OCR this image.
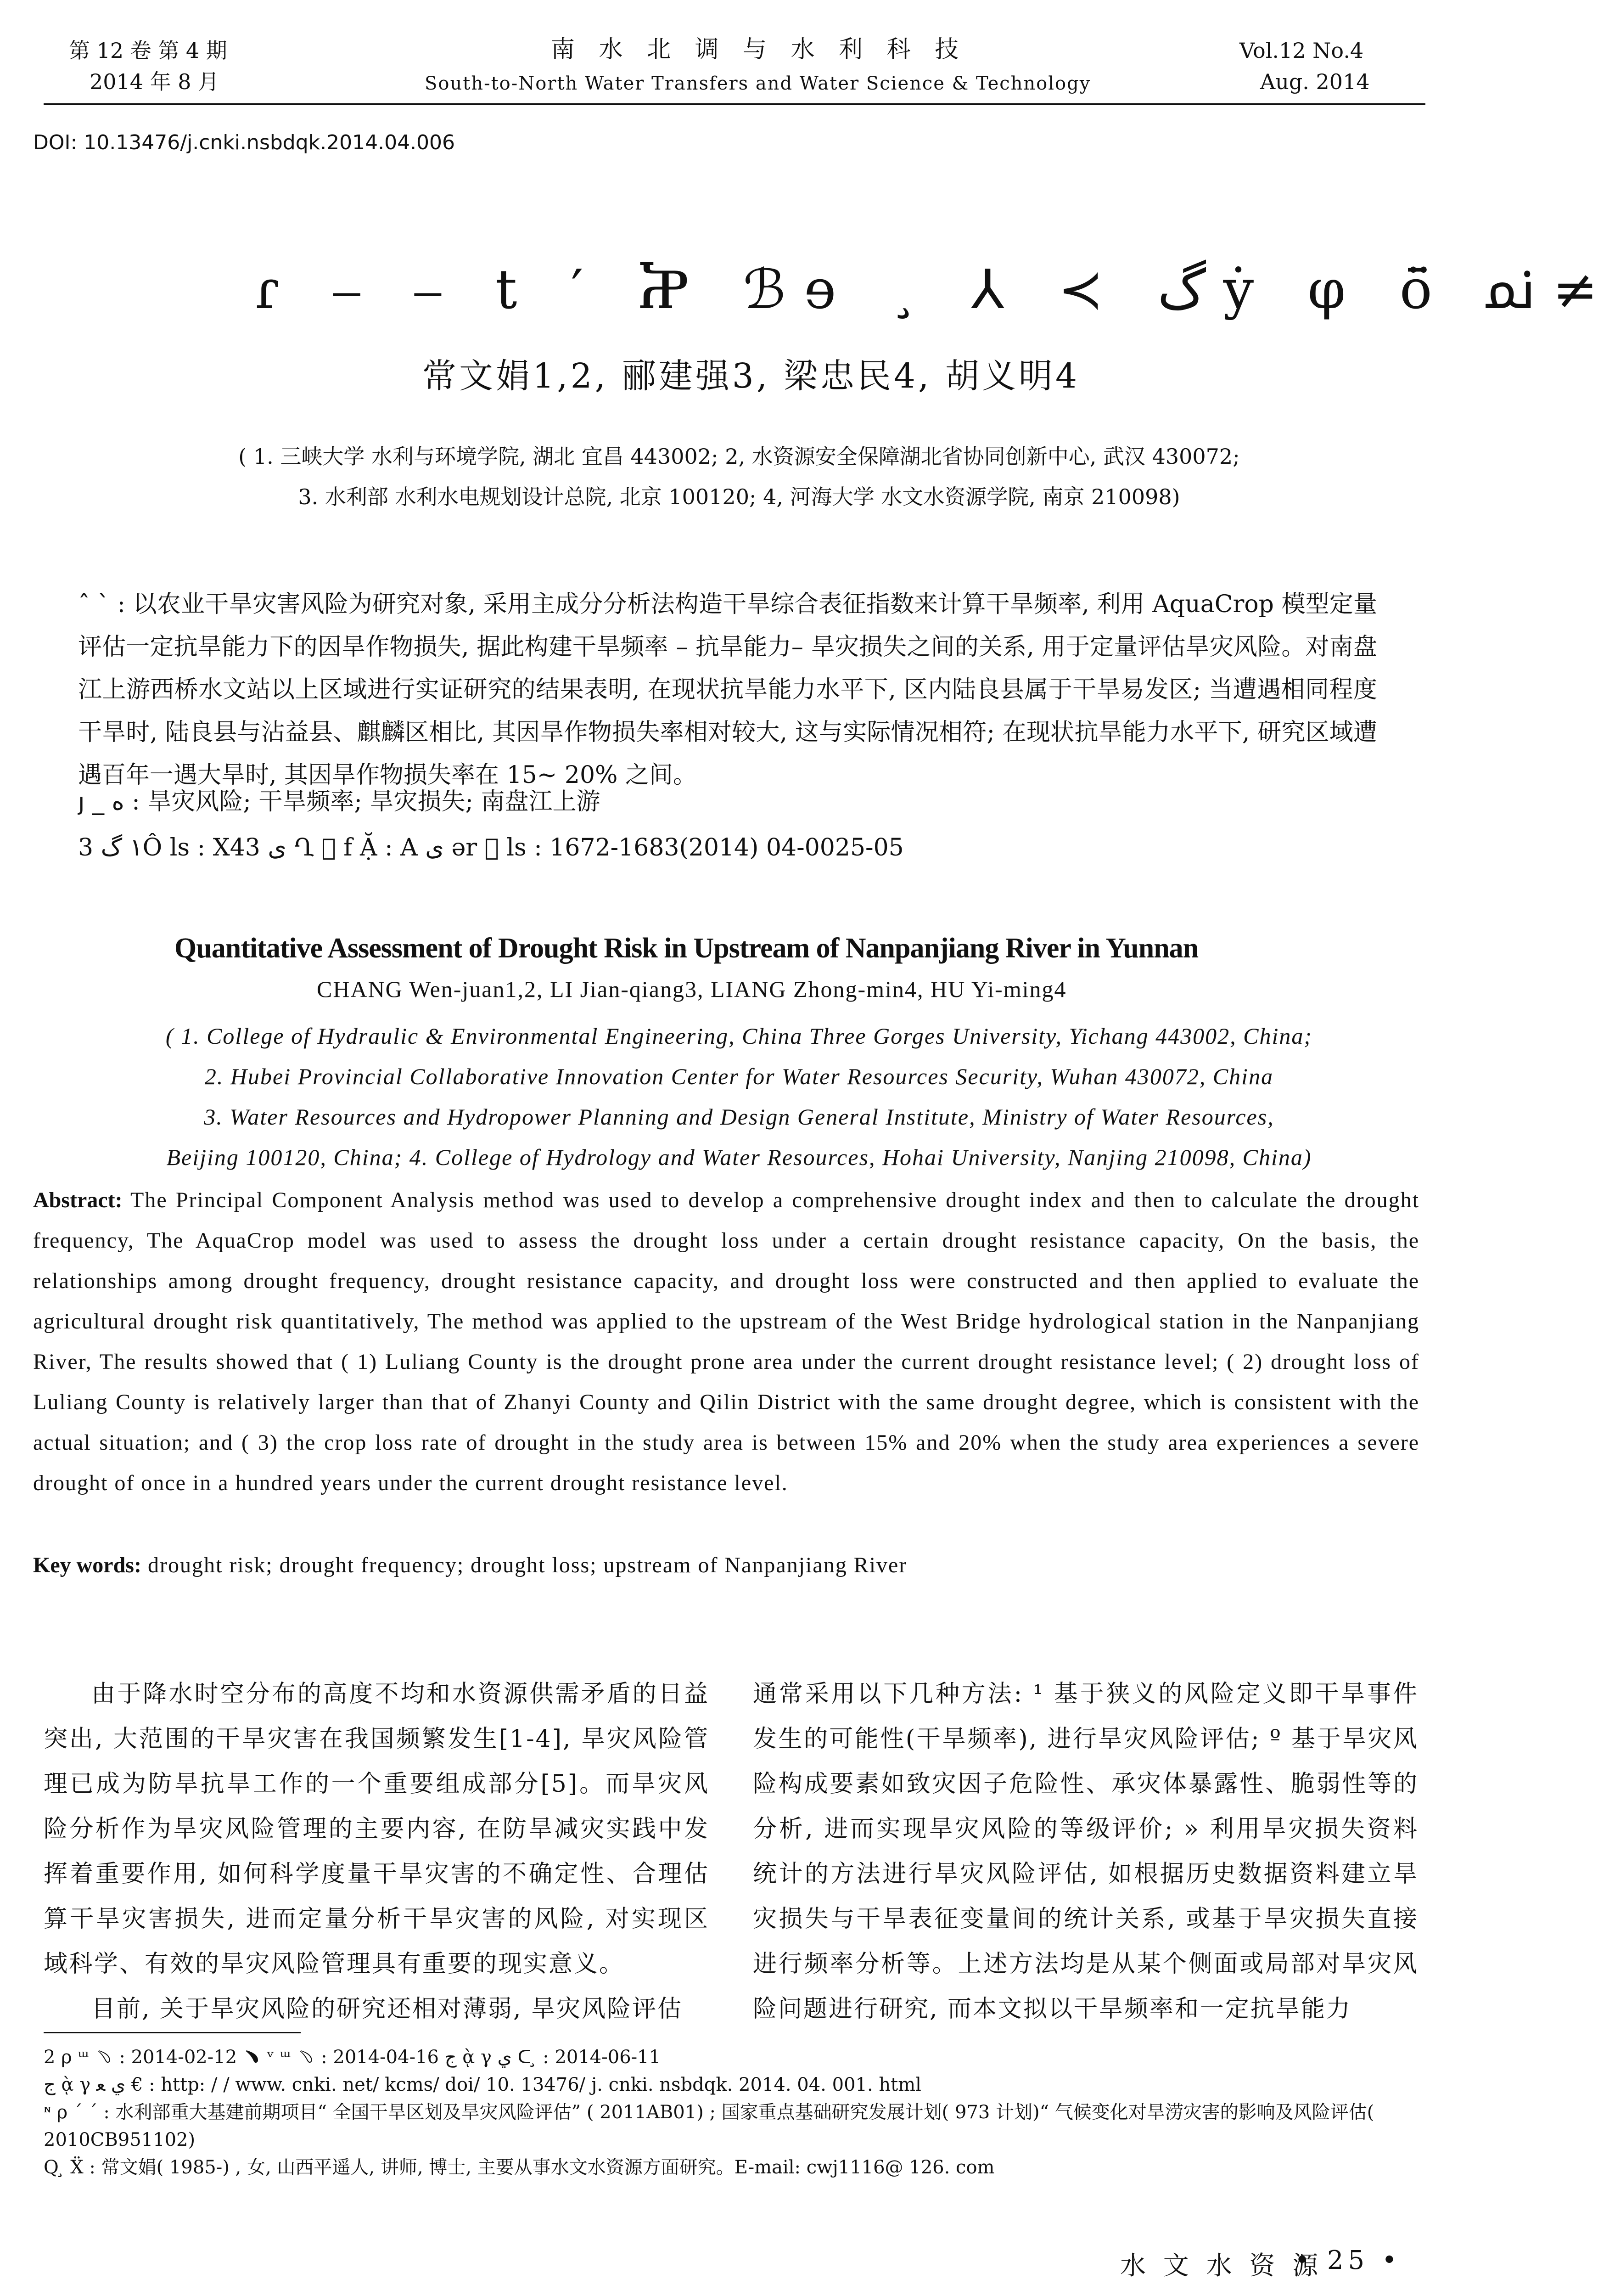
第 12 卷 第 4 期
2014 年 8 月
南 水 北 调 与 水 利 科 技
South-to-North Water Transfers and Water Science & Technology
Vol.12 No.4
Aug. 2014
DOI: 10.13476/j.cnki.nsbdqk.2014.04.006
ɾ ⎯ ⎯ t ′ Ⴟ ℬɘ ¸ ⅄ ≺ گ ẏ φ ō̈ ﳕ ≠
常文娟1,2, 郦建强3, 梁忠民4, 胡义明4
( 1. 三峡大学 水利与环境学院, 湖北 宜昌 443002; 2, 水资源安全保障湖北省协同创新中心, 武汉 430072;
3. 水利部 水利水电规划设计总院, 北京 100120; 4, 河海大学 水文水资源学院, 南京 210098)
ˆ ˋ : 以农业干旱灾害风险为研究对象, 采用主成分分析法构造干旱综合表征指数来计算干旱频率, 利用 AquaCrop 模型定量评估一定抗旱能力下的因旱作物损失, 据此构建干旱频率 – 抗旱能力– 旱灾损失之间的关系, 用于定量评估旱灾风险。对南盘江上游西桥水文站以上区域进行实证研究的结果表明, 在现状抗旱能力水平下, 区内陆良县属于干旱易发区; 当遭遇相同程度干旱时, 陆良县与沾益县、麒麟区相比, 其因旱作物损失率相对较大, 这与实际情况相符; 在现状抗旱能力水平下, 研究区域遭遇百年一遇大旱时, 其因旱作物损失率在 15~ 20% 之间。
ȷ _ ﻩ : 旱灾风险; 干旱频率; 旱灾损失; 南盘江上游
3 ١ گÔ ls : X43 ى Ղ ⃞ f Ặ : A ى ər ⃞ ls : 1672-1683(2014) 04-0025-05
Quantitative Assessment of Drought Risk in Upstream of Nanpanjiang River in Yunnan
CHANG Wen-juan1,2, LI Jian-qiang3, LIANG Zhong-min4, HU Yi-ming4
( 1. College of Hydraulic & Environmental Engineering, China Three Gorges University, Yichang 443002, China;
2. Hubei Provincial Collaborative Innovation Center for Water Resources Security, Wuhan 430072, China
3. Water Resources and Hydropower Planning and Design General Institute, Ministry of Water Resources,
Beijing 100120, China; 4. College of Hydrology and Water Resources, Hohai University, Nanjing 210098, China)
Abstract: The Principal Component Analysis method was used to develop a comprehensive drought index and then to calculate the drought frequency, The AquaCrop model was used to assess the drought loss under a certain drought resistance capacity, On the basis, the relationships among drought frequency, drought resistance capacity, and drought loss were constructed and then applied to evaluate the agricultural drought risk quantitatively, The method was applied to the upstream of the West Bridge hydrological station in the Nanpanjiang River, The results showed that ( 1) Luliang County is the drought prone area under the current drought resistance level; ( 2) drought loss of Luliang County is relatively larger than that of Zhanyi County and Qilin District with the same drought degree, which is consistent with the actual situation; and ( 3) the crop loss rate of drought in the study area is between 15% and 20% when the study area experiences a severe drought of once in a hundred years under the current drought resistance level.
Key words: drought risk; drought frequency; drought loss; upstream of Nanpanjiang River
由于降水时空分布的高度不均和水资源供需矛盾的日益突出, 大范围的干旱灾害在我国频繁发生[1-4], 旱灾风险管理已成为防旱抗旱工作的一个重要组成部分[5]。而旱灾风险分析作为旱灾风险管理的主要内容, 在防旱减灾实践中发挥着重要作用, 如何科学度量干旱灾害的不确定性、合理估算干旱灾害损失, 进而定量分析干旱灾害的风险, 对实现区域科学、有效的旱灾风险管理具有重要的现实意义。
目前, 关于旱灾风险的研究还相对薄弱, 旱灾风险评估
通常采用以下几种方法: ¹ 基于狭义的风险定义即干旱事件发生的可能性(干旱频率), 进行旱灾风险评估; º 基于旱灾风险构成要素如致灾因子危险性、承灾体暴露性、脆弱性等的分析, 进而实现旱灾风险的等级评价; » 利用旱灾损失资料统计的方法进行旱灾风险评估, 如根据历史数据资料建立旱灾损失与干旱表征变量间的统计关系, 或基于旱灾损失直接进行频率分析等。上述方法均是从某个侧面或局部对旱灾风险问题进行研究, 而本文拟以干旱频率和一定抗旱能力
2 ρ ᵚ ﹆ : 2014-02-12 ﹅ ᵛ ᵚ ﹆ : 2014-04-16 ج ᾲ γ ي ᑕ ̧ : 2014-06-11
ج ᾲ γ ي ﻌ € : http: / / www. cnki. net/ kcms/ doi/ 10. 13476/ j. cnki. nsbdqk. 2014. 04. 001. html
ᶰ ρ ˊ ˊ : 水利部重大基建前期项目“ 全国干旱区划及旱灾风险评估” ( 2011AB01) ; 国家重点基础研究发展计划( 973 计划)“ 气候变化对旱涝灾害的影响及风险评估( 2010CB951102)
Q ̧ Ẍ : 常文娟( 1985-) , 女, 山西平遥人, 讲师, 博士, 主要从事水文水资源方面研究。E-mail: cwj1116@ 126. com
水 文 水 资 源
• 25 •
